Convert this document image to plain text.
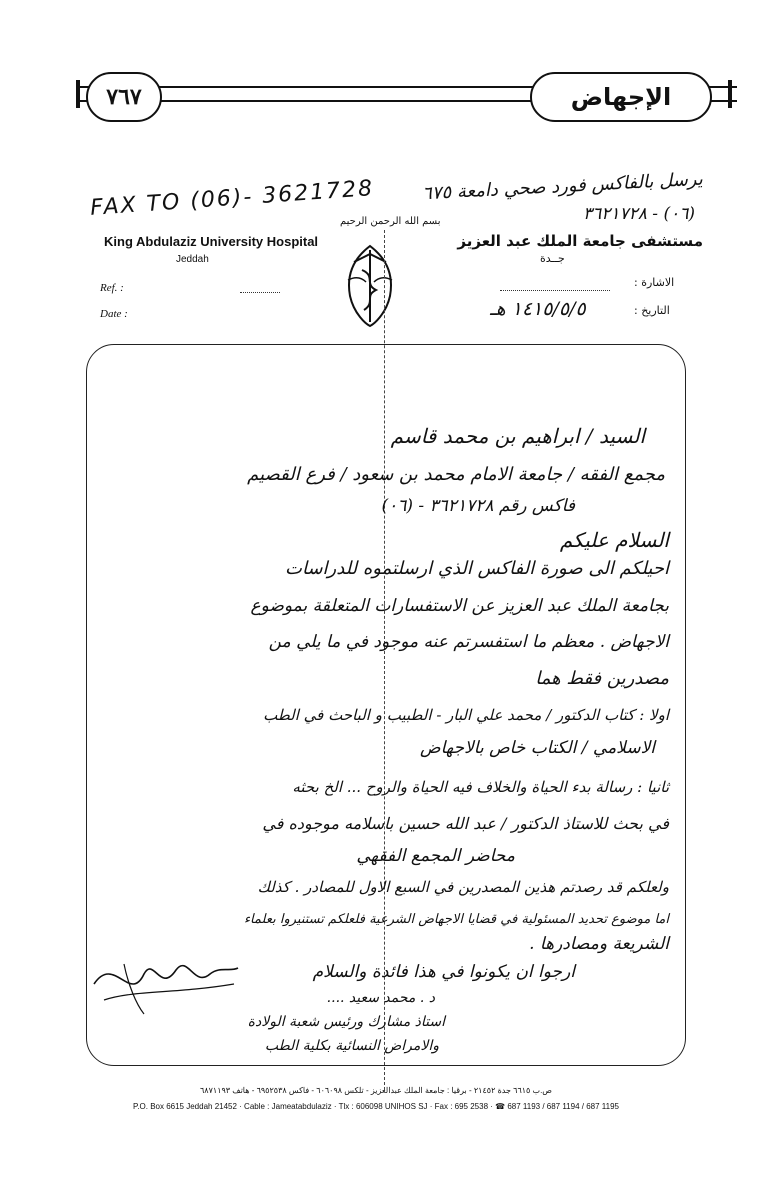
٧٦٧	الإجهاض
FAX TO (06)- 3621728	يرسل بالفاكس فورد صحي دامعة ٦٧٥
(٠٦) - ٣٦٢١٧٢٨
بسم الله الرحمن الرحيم
King Abdulaziz University Hospital
Jeddah
مستشفى جامعة الملك عبد العزيز
جــدة
Ref. :
Date :
الاشارة :
التاريخ :
١٤١٥/٥/٥ هـ
السيد / ابراهيم بن محمد قاسم
مجمع الفقه / جامعة الامام محمد بن سعود / فرع القصيم
فاكس رقم ٣٦٢١٧٢٨ - (٠٦)
السلام عليكم
احيلكم الى صورة الفاكس الذي ارسلتموه للدراسات
بجامعة الملك عبد العزيز عن الاستفسارات المتعلقة بموضوع
الاجهاض . معظم ما استفسرتم عنه موجود في ما يلي من
مصدرين فقط هما
اولا : كتاب الدكتور / محمد علي البار - الطبيب و الباحث في الطب
الاسلامي / الكتاب خاص بالاجهاض
ثانيا : رسالة بدء الحياة والخلاف فيه الحياة والروح ... الخ بحثه
في بحث للاستاذ الدكتور / عبد الله حسين باسلامه موجوده في
محاضر المجمع الفقهي
ولعلكم قد رصدتم هذين المصدرين في السبع الاول للمصادر . كذلك
اما موضوع تحديد المسئولية في قضايا الاجهاض الشرعية فلعلكم تستنيروا بعلماء
الشريعة ومصادرها .
ارجوا ان يكونوا في هذا فائدة والسلام
د . محمد سعيد ....
استاذ مشارك ورئيس شعبة الولادة
والامراض النسائية بكلية الطب
ص.ب ٦٦١٥ جدة ٢١٤٥٢ - برقيا : جامعة الملك عبدالعزيز - تلكس ٦٠٦٠٩٨ - فاكس ٦٩٥٢٥٣٨ - هاتف ٦٨٧١١٩٣
P.O. Box 6615 Jeddah 21452 · Cable : Jameatabdulaziz · Tlx : 606098 UNIHOS SJ · Fax : 695 2538 · ☎ 687 1193 / 687 1194 / 687 1195
